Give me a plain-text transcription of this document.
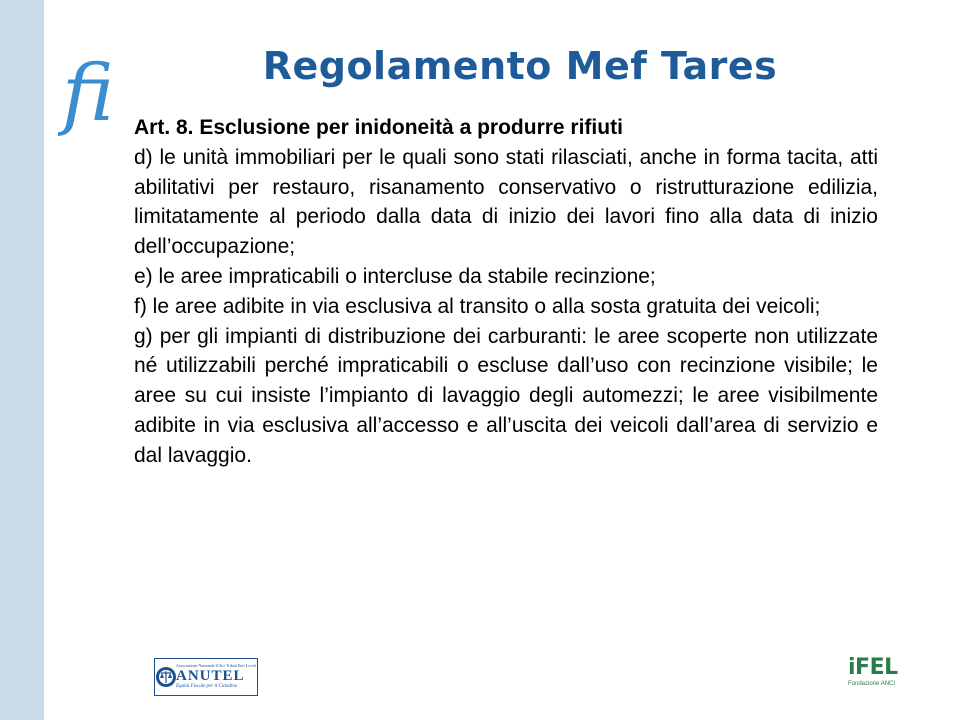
fi	Regolamento Mef Tares

Art. 8. Esclusione per inidoneità a produrre rifiuti

d) le unità immobiliari per le quali sono stati rilasciati, anche in forma tacita, atti abilitativi per restauro, risanamento conservativo o ristrutturazione edilizia, limitatamente al periodo dalla data di inizio dei lavori fino alla data di inizio dell’occupazione;

e) le aree impraticabili o intercluse da stabile recinzione;

f) le aree adibite in via esclusiva al transito o alla sosta gratuita dei veicoli;

g) per gli impianti di distribuzione dei carburanti: le aree scoperte non utilizzate né utilizzabili perché impraticabili o escluse dall’uso con recinzione visibile; le aree su cui insiste l’impianto di lavaggio degli automezzi; le aree visibilmente adibite in via esclusiva all’accesso e all’uscita dei veicoli dall’area di servizio e dal lavaggio.

Associazione Nazionale Uffici Tributi Enti Locali
ANUTEL
Equità Fiscale per il Cittadino
iFEL
Fondazione ANCI
